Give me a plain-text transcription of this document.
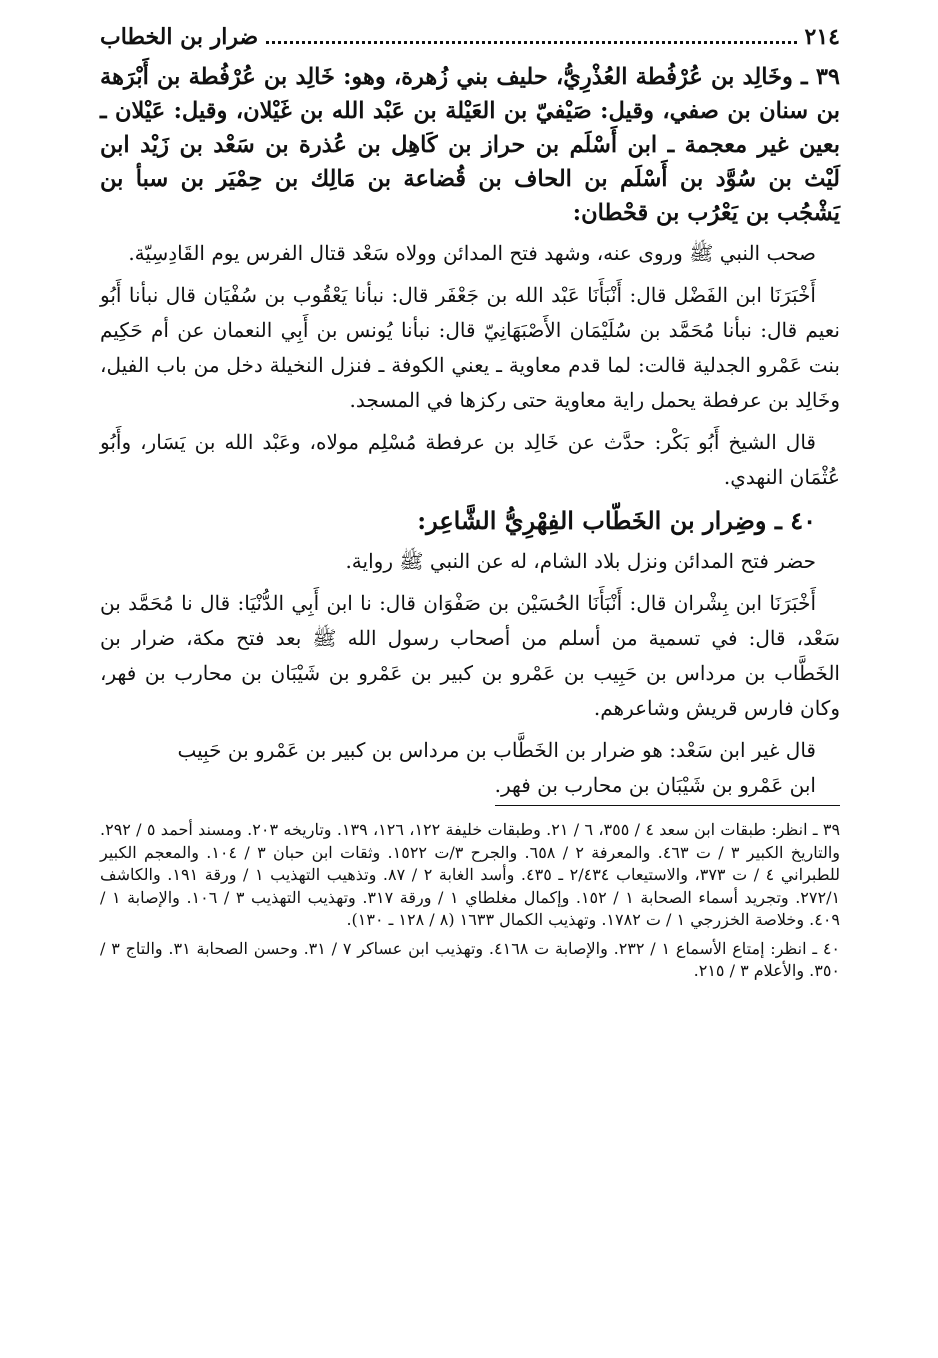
٢١٤
ضرار بن الخطاب
٣٩ ـ وخَالِد بن عُرْفُطة العُذْرِيُّ، حليف بني زُهرة، وهو: خَالِد بن عُرْفُطة بن أَبْرَهة بن سنان بن صفي، وقيل: صَيْفيّ بن العَيْلة بن عَبْد الله بن غَيْلان، وقيل: عَيْلان ـ بعين غير معجمة ـ ابن أَسْلَم بن حراز بن كَاهِل بن عُذرة بن سَعْد بن زَيْد ابن لَيْث بن سُوَّد بن أَسْلَم بن الحاف بن قُضاعة بن مَالِك بن حِمْيَر بن سبأ بن يَشْجُب بن يَعْرُب بن قحْطان:

صحب النبي ﷺ وروى عنه، وشهد فتح المدائن وولاه سَعْد قتال الفرس يوم القَادِسِيّة.

أَخْبَرَنَا ابن الفَضْل قال: أَنْبَأَنَا عَبْد الله بن جَعْفَر قال: نبأنا يَعْقُوب بن سُفْيَان قال نبأنا أَبُو نعيم قال: نبأنا مُحَمَّد بن سُلَيْمَان الأَصْبَهَانِيّ قال: نبأنا يُونس بن أَبِي النعمان عن أم حَكِيم بنت عَمْرو الجدلية قالت: لما قدم معاوية ـ يعني الكوفة ـ فنزل النخيلة دخل من باب الفيل، وخَالِد بن عرفطة يحمل راية معاوية حتى ركزها في المسجد.

قال الشيخ أَبُو بَكْر: حدَّث عن خَالِد بن عرفطة مُسْلِم مولاه، وعَبْد الله بن يَسَار، وأَبُو عُثْمَان النهدي.

٤٠ ـ وضِرار بن الخَطّاب الفِهْرِيُّ الشَّاعِر:

حضر فتح المدائن ونزل بلاد الشام، له عن النبي ﷺ رواية.

أَخْبَرَنَا ابن بِشْران قال: أَنْبَأَنَا الحُسَيْن بن صَفْوَان قال: نا ابن أَبِي الدُّنْيَا: قال نا مُحَمَّد بن سَعْد، قال: في تسمية من أسلم من أصحاب رسول الله ﷺ بعد فتح مكة، ضرار بن الخَطَّاب بن مرداس بن حَبِيب بن عَمْرو بن كبير بن عَمْرو بن شَيْبَان بن محارب بن فهر، وكان فارس قريش وشاعرهم.

قال غير ابن سَعْد: هو ضرار بن الخَطَّاب بن مرداس بن كبير بن عَمْرو بن حَبِيب
ابن عَمْرو بن شَيْبَان بن محارب بن فهر.

٣٩ ـ انظر: طبقات ابن سعد ٤ / ٣٥٥، ٦ / ٢١. وطبقات خليفة ١٢٢، ١٢٦، ١٣٩. وتاريخه ٢٠٣. ومسند أحمد ٥ / ٢٩٢. والتاريخ الكبير ٣ / ت ٤٦٣. والمعرفة ٢ / ٦٥٨. والجرح ٣/ت ١٥٢٢. وثقات ابن حبان ٣ / ١٠٤. والمعجم الكبير للطبراني ٤ / ت ٣٧٣، والاستيعاب ٢/٤٣٤ ـ ٤٣٥. وأسد الغابة ٢ / ٨٧. وتذهيب التهذيب ١ / ورقة ١٩١. والكاشف ٢٧٢/١. وتجريد أسماء الصحابة ١ / ١٥٢. وإكمال مغلطاي ١ / ورقة ٣١٧. وتهذيب التهذيب ٣ / ١٠٦. والإصابة ١ / ٤٠٩. وخلاصة الخزرجي ١ / ت ١٧٨٢. وتهذيب الكمال ١٦٣٣ (٨ / ١٢٨ ـ ١٣٠).

٤٠ ـ انظر: إمتاع الأسماع ١ / ٢٣٢. والإصابة ت ٤١٦٨. وتهذيب ابن عساكر ٧ / ٣١. وحسن الصحابة ٣١. والتاج ٣ / ٣٥٠. والأعلام ٣ / ٢١٥.
